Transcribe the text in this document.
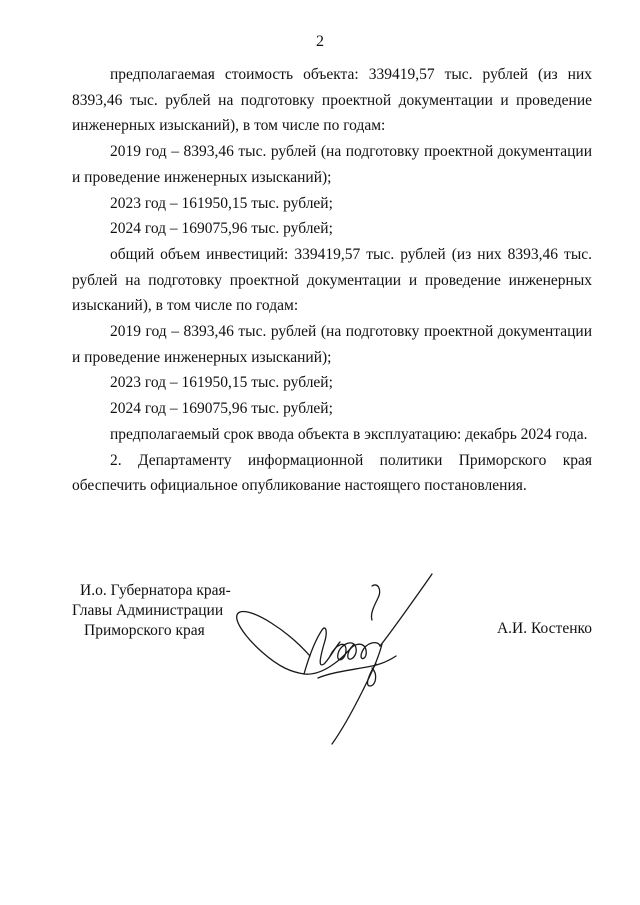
2

предполагаемая стоимость объекта: 339419,57 тыс. рублей (из них 8393,46 тыс. рублей на подготовку проектной документации и проведение инженерных изысканий), в том числе по годам:

2019 год – 8393,46 тыс. рублей (на подготовку проектной документации и проведение инженерных изысканий);

2023 год – 161950,15 тыс. рублей;

2024 год – 169075,96 тыс. рублей;

общий объем инвестиций: 339419,57 тыс. рублей (из них 8393,46 тыс. рублей на подготовку проектной документации и проведение инженерных изысканий), в том числе по годам:

2019 год – 8393,46 тыс. рублей (на подготовку проектной документации и проведение инженерных изысканий);

2023 год – 161950,15 тыс. рублей;

2024 год – 169075,96 тыс. рублей;

предполагаемый срок ввода объекта в эксплуатацию: декабрь 2024 года.

2. Департаменту информационной политики Приморского края обеспечить официальное опубликование настоящего постановления.

И.о. Губернатора края-
Главы Администрации
Приморского края	А.И. Костенко
